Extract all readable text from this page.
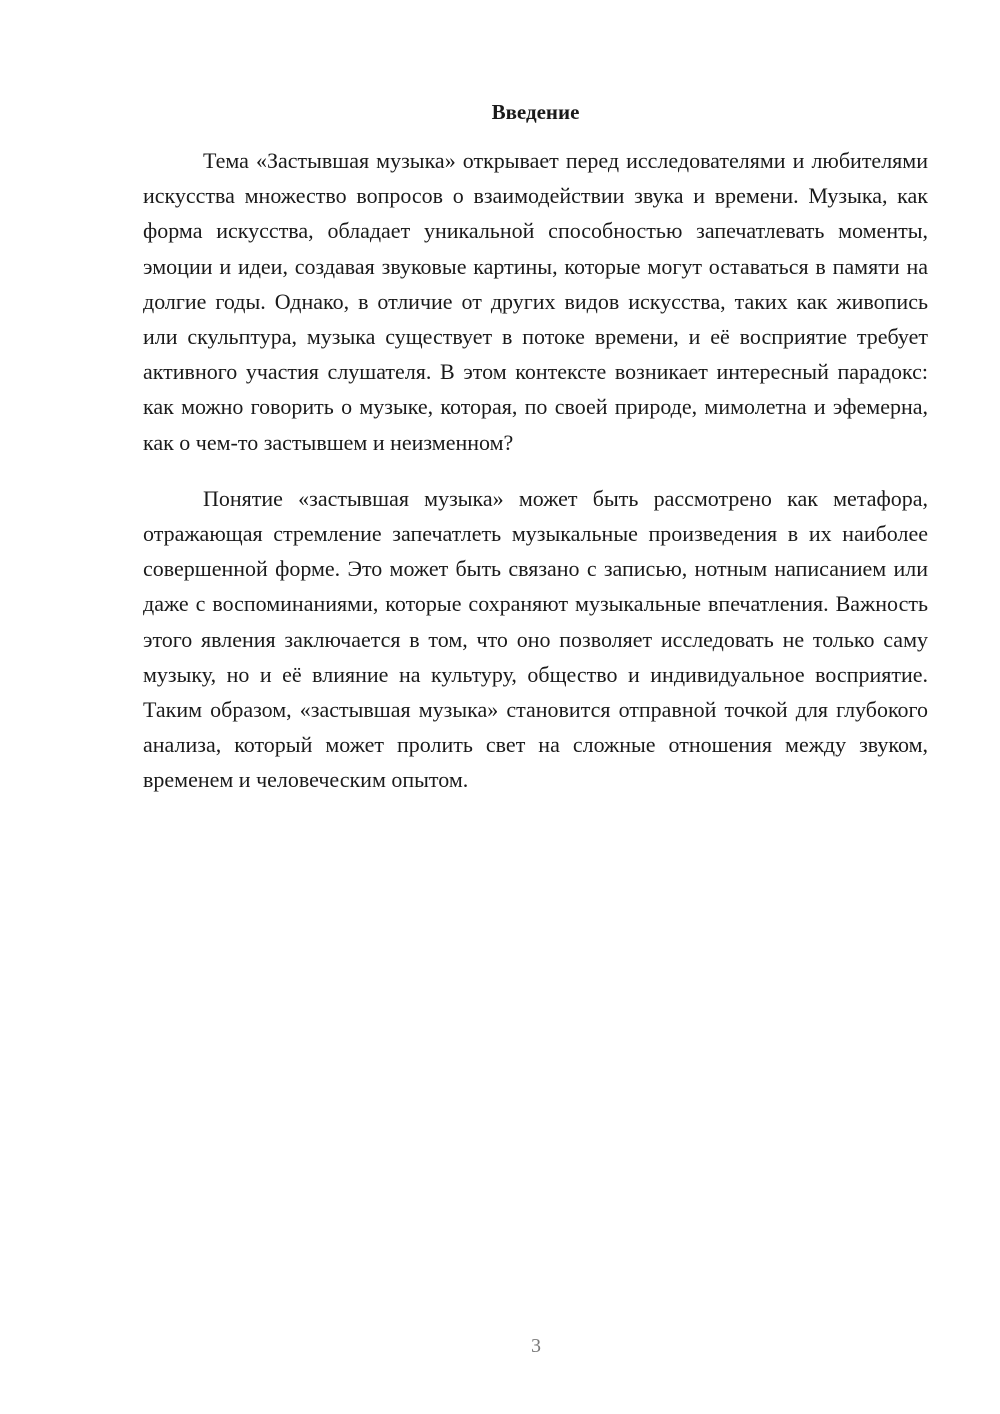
Введение

Тема «Застывшая музыка» открывает перед исследователями и любителями искусства множество вопросов о взаимодействии звука и времени. Музыка, как форма искусства, обладает уникальной способностью запечатлевать моменты, эмоции и идеи, создавая звуковые картины, которые могут оставаться в памяти на долгие годы. Однако, в отличие от других видов искусства, таких как живопись или скульптура, музыка существует в потоке времени, и её восприятие требует активного участия слушателя. В этом контексте возникает интересный парадокс: как можно говорить о музыке, которая, по своей природе, мимолетна и эфемерна, как о чем-то застывшем и неизменном?

Понятие «застывшая музыка» может быть рассмотрено как метафора, отражающая стремление запечатлеть музыкальные произведения в их наиболее совершенной форме. Это может быть связано с записью, нотным написанием или даже с воспоминаниями, которые сохраняют музыкальные впечатления. Важность этого явления заключается в том, что оно позволяет исследовать не только саму музыку, но и её влияние на культуру, общество и индивидуальное восприятие. Таким образом, «застывшая музыка» становится отправной точкой для глубокого анализа, который может пролить свет на сложные отношения между звуком, временем и человеческим опытом.

3
